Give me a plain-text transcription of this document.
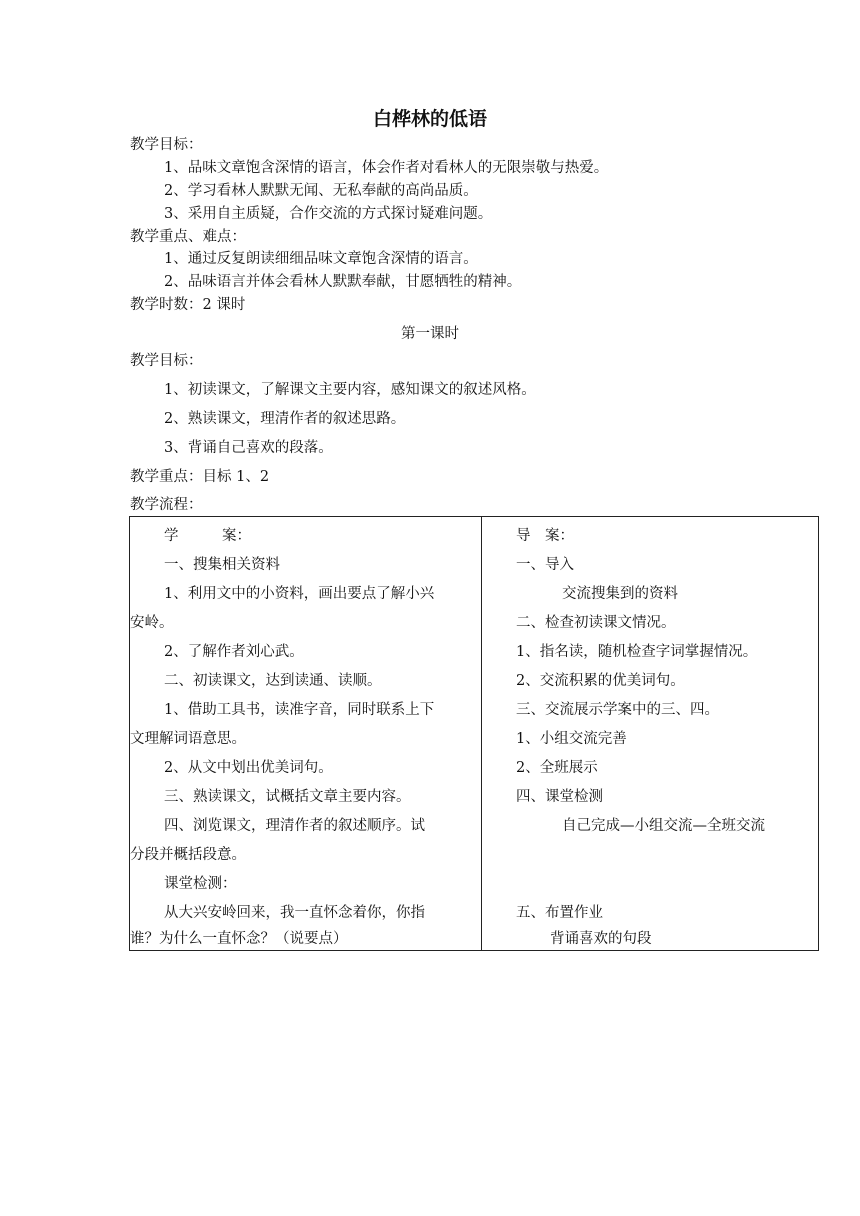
白桦林的低语
教学目标：
1、品味文章饱含深情的语言，体会作者对看林人的无限崇敬与热爱。
2、学习看林人默默无闻、无私奉献的高尚品质。
3、采用自主质疑，合作交流的方式探讨疑难问题。
教学重点、难点：
1、通过反复朗读细细品味文章饱含深情的语言。
2、品味语言并体会看林人默默奉献，甘愿牺牲的精神。
教学时数：2 课时
第一课时
教学目标：
1、初读课文，了解课文主要内容，感知课文的叙述风格。
2、熟读课文，理清作者的叙述思路。
3、背诵自己喜欢的段落。
教学重点：目标 1、2
教学流程：
学　　　案：
一、搜集相关资料
1、利用文中的小资料，画出要点了解小兴
安岭。
2、了解作者刘心武。
二、初读课文，达到读通、读顺。
1、借助工具书，读准字音，同时联系上下
文理解词语意思。
2、从文中划出优美词句。
三、熟读课文，试概括文章主要内容。
四、浏览课文，理清作者的叙述顺序。试
分段并概括段意。
课堂检测：
从大兴安岭回来，我一直怀念着你，你指
谁？为什么一直怀念？（说要点）
导　案：
一、导入
交流搜集到的资料
二、检查初读课文情况。
1、指名读，随机检查字词掌握情况。
2、交流积累的优美词句。
三、交流展示学案中的三、四。
1、小组交流完善
2、全班展示
四、课堂检测
自己完成—小组交流—全班交流
五、布置作业
背诵喜欢的句段
